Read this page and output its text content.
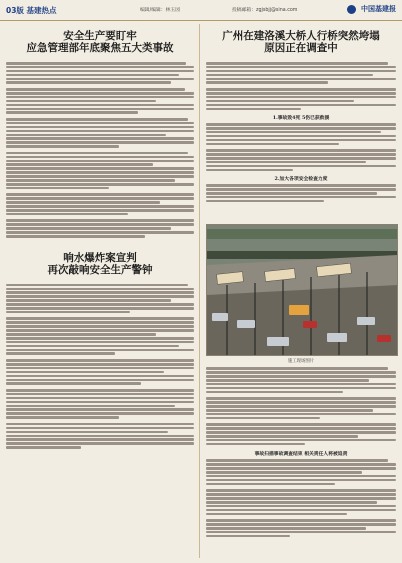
03版 基建热点	编辑/编辑：林玉园	投稿邮箱：zgjsbjj@sina.com	中国基建报
安全生产要盯牢
应急管理部年底聚焦五大类事故
响水爆炸案宣判
再次敲响安全生产警钟
广州在建洛溪大桥人行桥突然垮塌
原因正在调查中
1.事故致4死 5伤已获救援
2.加大各项安全检查力度
施工现场图片
事故扫描事故调查结束 相关责任人将被追责
